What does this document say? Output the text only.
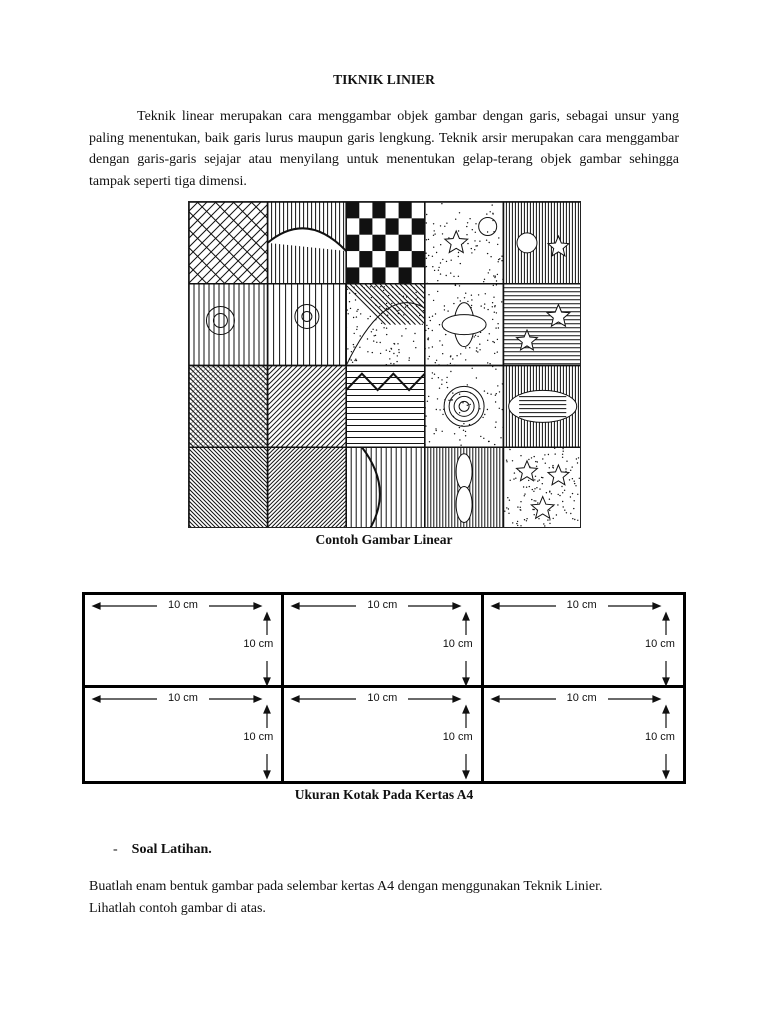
TIKNIK LINIER

Teknik linear merupakan cara menggambar objek gambar dengan garis, sebagai unsur yang paling menentukan, baik garis lurus maupun garis lengkung. Teknik arsir merupakan cara menggambar dengan garis-garis sejajar atau menyilang untuk menentukan gelap-terang objek gambar sehingga tampak seperti tiga dimensi.

Contoh Gambar Linear
10 cm
10 cm
10 cm
10 cm
10 cm
10 cm
10 cm
10 cm
10 cm
10 cm
10 cm
10 cm
Ukuran Kotak Pada Kertas A4
- Soal Latihan.

Buatlah enam bentuk gambar pada selembar kertas A4 dengan menggunakan Teknik Linier.
Lihatlah contoh gambar di atas.
